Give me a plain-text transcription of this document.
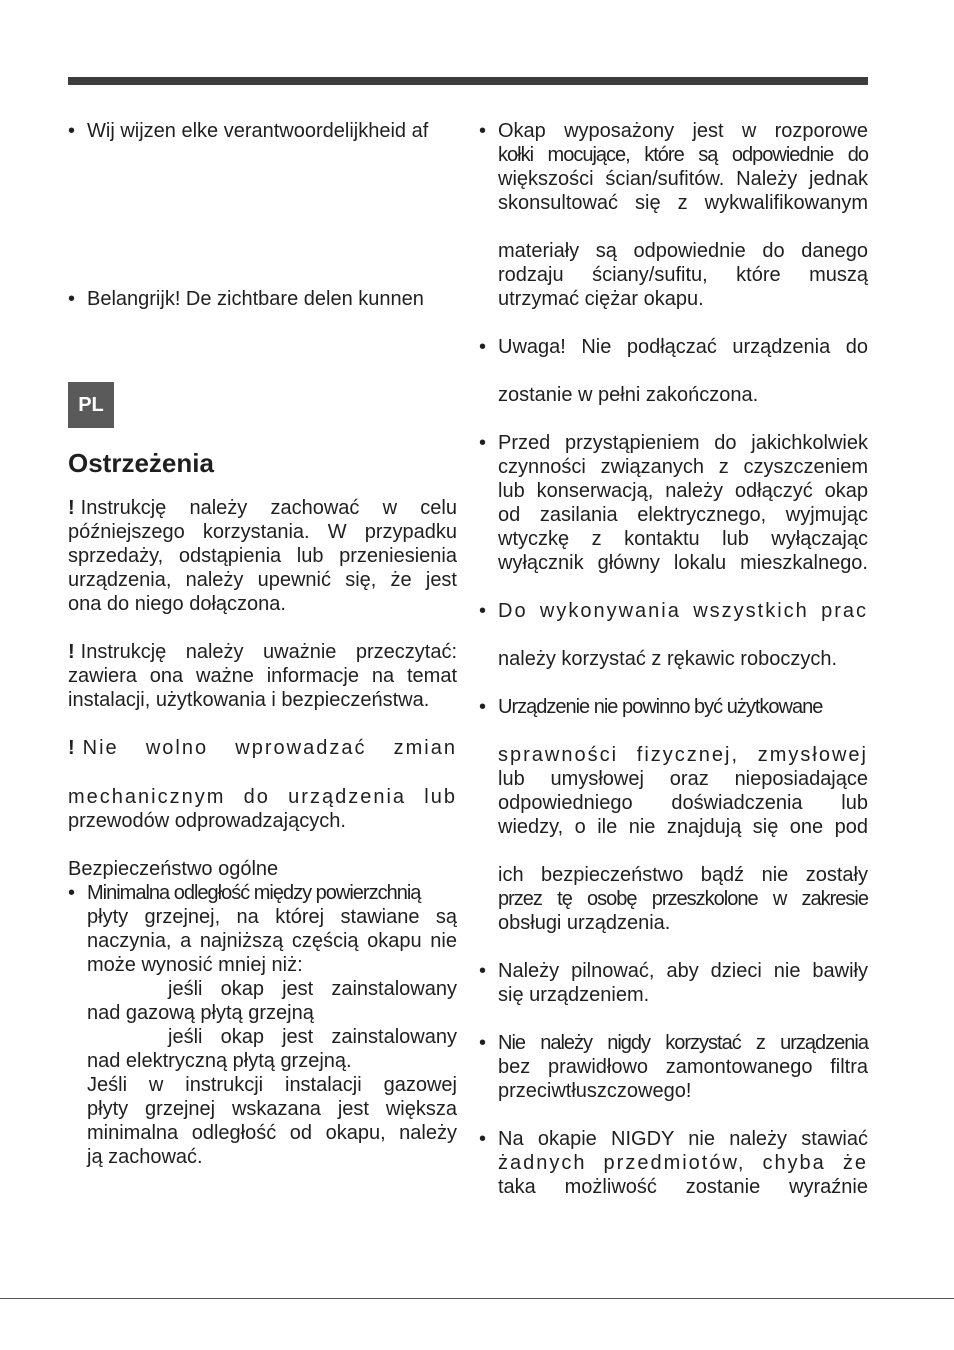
• Wij wijzen elke verantwoordelijkheid af
• Belangrijk! De zichtbare delen kunnen
PL
Ostrzeżenia
! Instrukcję należy zachować w celu
późniejszego korzystania. W przypadku
sprzedaży, odstąpienia lub przeniesienia
urządzenia, należy upewnić się, że jest
ona do niego dołączona.
! Instrukcję należy uważnie przeczytać:
zawiera ona ważne informacje na temat
instalacji, użytkowania i bezpieczeństwa.
! Nie wolno wprowadzać zmian
mechanicznym do urządzenia lub
przewodów odprowadzających.
Bezpieczeństwo ogólne
• Minimalna odległość między powierzchnią
płyty grzejnej, na której stawiane są
naczynia, a najniższą częścią okapu nie
może wynosić mniej niż:
jeśli okap jest zainstalowany
nad gazową płytą grzejną
jeśli okap jest zainstalowany
nad elektryczną płytą grzejną.
Jeśli w instrukcji instalacji gazowej
płyty grzejnej wskazana jest większa
minimalna odległość od okapu, należy
ją zachować.
• Okap wyposażony jest w rozporowe
kołki mocujące, które są odpowiednie do
większości ścian/sufitów. Należy jednak
skonsultować się z wykwalifikowanym
materiały są odpowiednie do danego
rodzaju ściany/sufitu, które muszą
utrzymać ciężar okapu.
• Uwaga! Nie podłączać urządzenia do
zostanie w pełni zakończona.
• Przed przystąpieniem do jakichkolwiek
czynności związanych z czyszczeniem
lub konserwacją, należy odłączyć okap
od zasilania elektrycznego, wyjmując
wtyczkę z kontaktu lub wyłączając
wyłącznik główny lokalu mieszkalnego.
• Do wykonywania wszystkich prac
należy korzystać z rękawic roboczych.
• Urządzenie nie powinno być użytkowane
sprawności fizycznej, zmysłowej
lub umysłowej oraz nieposiadające
odpowiedniego doświadczenia lub
wiedzy, o ile nie znajdują się one pod
ich bezpieczeństwo bądź nie zostały
przez tę osobę przeszkolone w zakresie
obsługi urządzenia.
• Należy pilnować, aby dzieci nie bawiły
się urządzeniem.
• Nie należy nigdy korzystać z urządzenia
bez prawidłowo zamontowanego filtra
przeciwtłuszczowego!
• Na okapie NIGDY nie należy stawiać
żadnych przedmiotów, chyba że
taka możliwość zostanie wyraźnie
